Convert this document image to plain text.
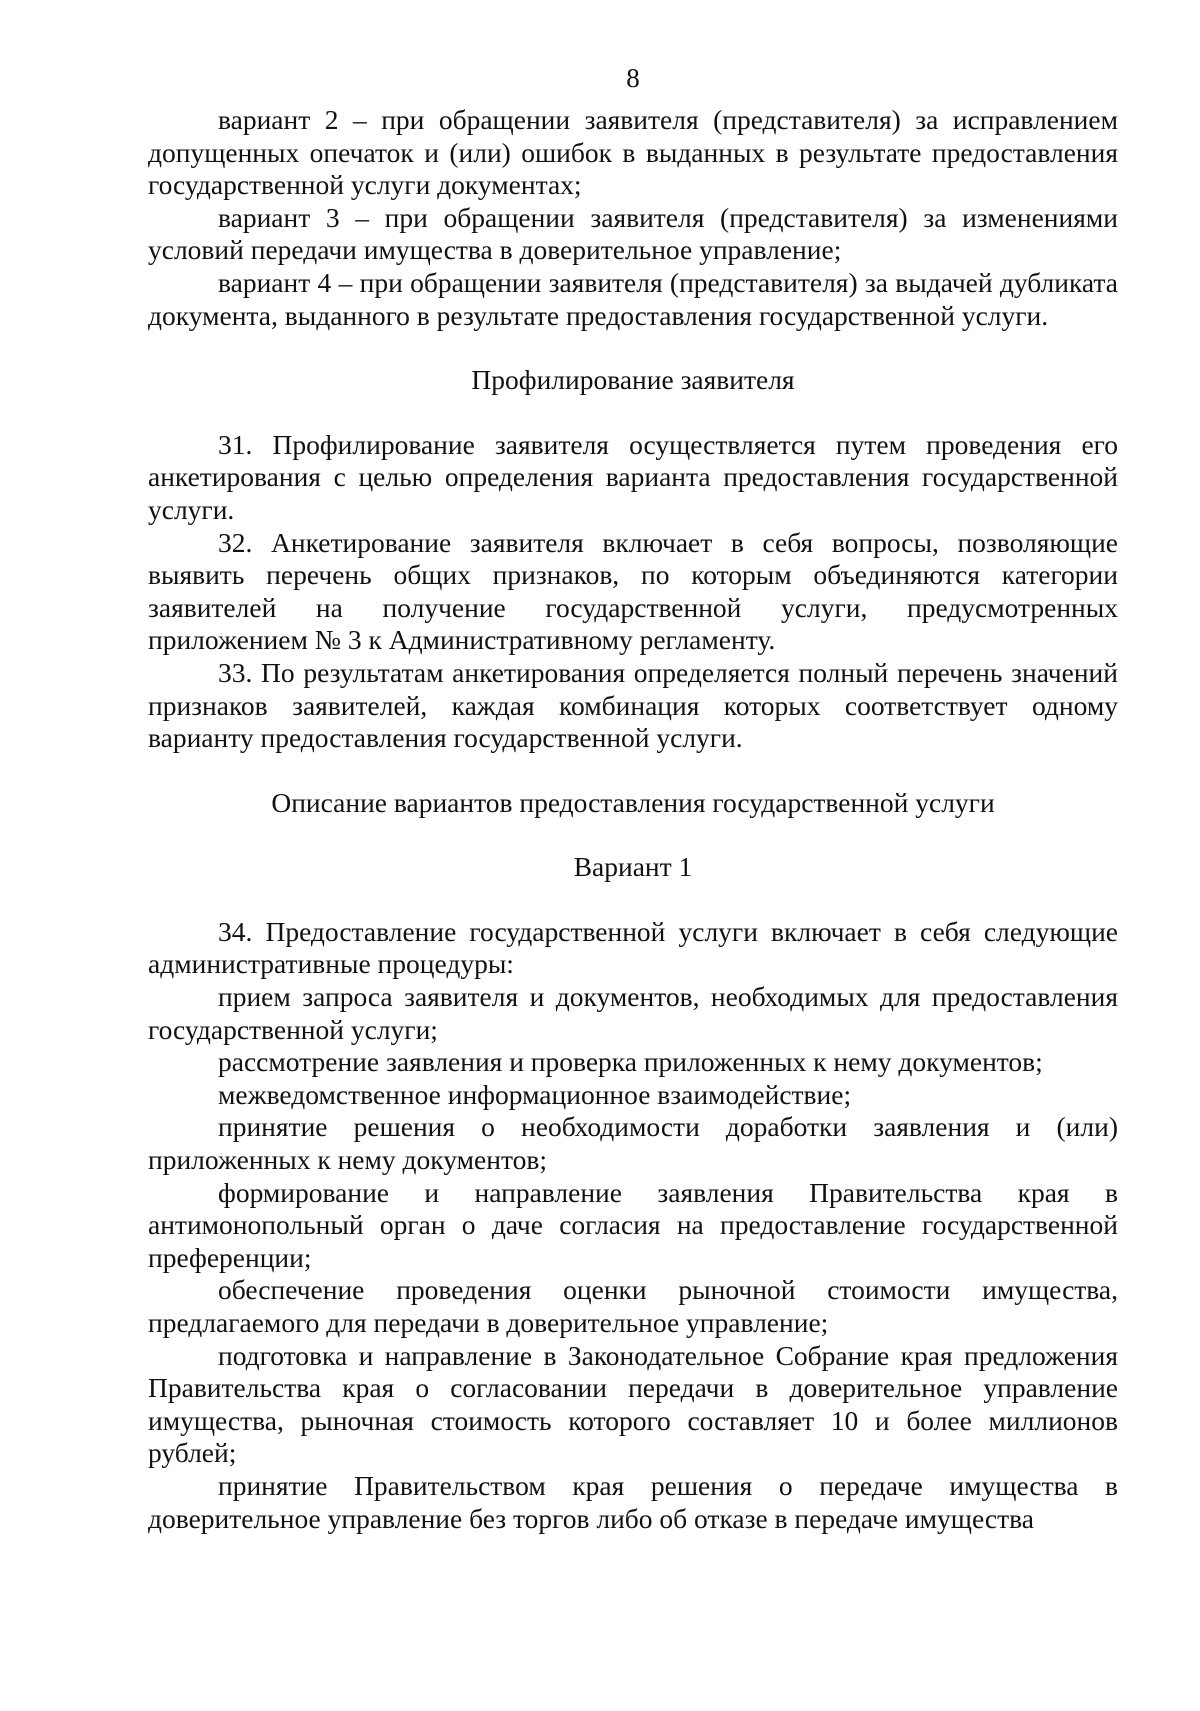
8

вариант 2 – при обращении заявителя (представителя) за исправлением допущенных опечаток и (или) ошибок в выданных в результате предоставления государственной услуги документах;

вариант 3 – при обращении заявителя (представителя) за изменениями условий передачи имущества в доверительное управление;

вариант 4 – при обращении заявителя (представителя) за выдачей дубликата документа, выданного в результате предоставления государственной услуги.

Профилирование заявителя

31. Профилирование заявителя осуществляется путем проведения его анкетирования с целью определения варианта предоставления государственной услуги.

32. Анкетирование заявителя включает в себя вопросы, позволяющие выявить перечень общих признаков, по которым объединяются категории заявителей на получение государственной услуги, предусмотренных приложением № 3 к Административному регламенту.

33. По результатам анкетирования определяется полный перечень значений признаков заявителей, каждая комбинация которых соответствует одному варианту предоставления государственной услуги.

Описание вариантов предоставления государственной услуги
Вариант 1

34. Предоставление государственной услуги включает в себя следующие административные процедуры:

прием запроса заявителя и документов, необходимых для предоставления государственной услуги;

рассмотрение заявления и проверка приложенных к нему документов;

межведомственное информационное взаимодействие;

принятие решения о необходимости доработки заявления и (или) приложенных к нему документов;

формирование и направление заявления Правительства края в антимонопольный орган о даче согласия на предоставление государственной преференции;

обеспечение проведения оценки рыночной стоимости имущества, предлагаемого для передачи в доверительное управление;

подготовка и направление в Законодательное Собрание края предложения Правительства края о согласовании передачи в доверительное управление имущества, рыночная стоимость которого составляет 10 и более миллионов рублей;

принятие Правительством края решения о передаче имущества в доверительное управление без торгов либо об отказе в передаче имущества
